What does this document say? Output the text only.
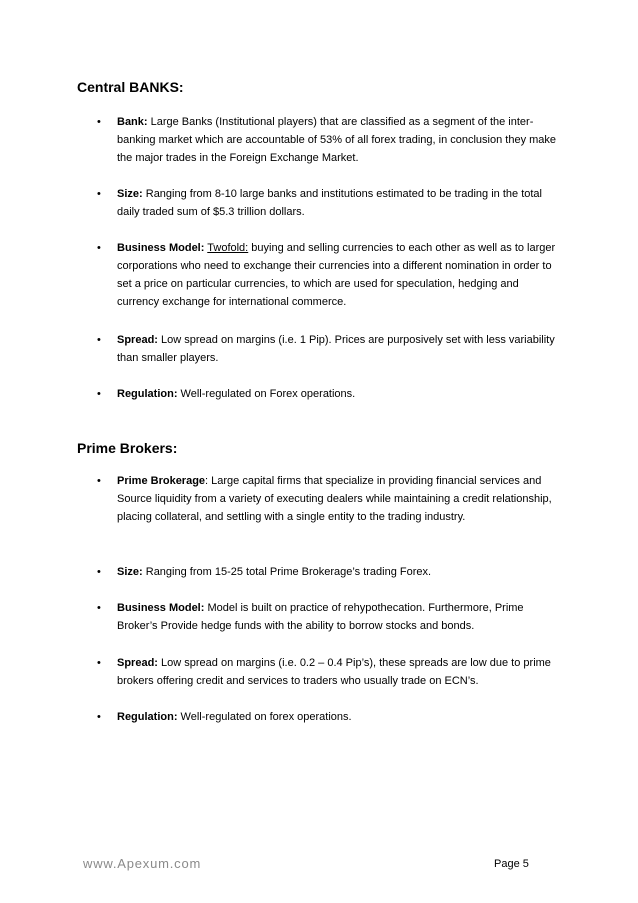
Central BANKS:
• Bank: Large Banks (Institutional players) that are classified as a segment of the inter-banking market which are accountable of 53% of all forex trading, in conclusion they make the major trades in the Foreign Exchange Market.
• Size: Ranging from 8-10 large banks and institutions estimated to be trading in the total daily traded sum of $5.3 trillion dollars.
• Business Model: Twofold: buying and selling currencies to each other as well as to larger corporations who need to exchange their currencies into a different nomination in order to set a price on particular currencies, to which are used for speculation, hedging and currency exchange for international commerce.
• Spread: Low spread on margins (i.e. 1 Pip). Prices are purposively set with less variability than smaller players.
• Regulation: Well-regulated on Forex operations.
Prime Brokers:
• Prime Brokerage: Large capital firms that specialize in providing financial services and Source liquidity from a variety of executing dealers while maintaining a credit relationship, placing collateral, and settling with a single entity to the trading industry.
• Size: Ranging from 15-25 total Prime Brokerage’s trading Forex.
• Business Model: Model is built on practice of rehypothecation. Furthermore, Prime Broker’s Provide hedge funds with the ability to borrow stocks and bonds.
• Spread: Low spread on margins (i.e. 0.2 – 0.4 Pip’s), these spreads are low due to prime brokers offering credit and services to traders who usually trade on ECN’s.
• Regulation: Well-regulated on forex operations.
www.Apexum.com	Page 5
